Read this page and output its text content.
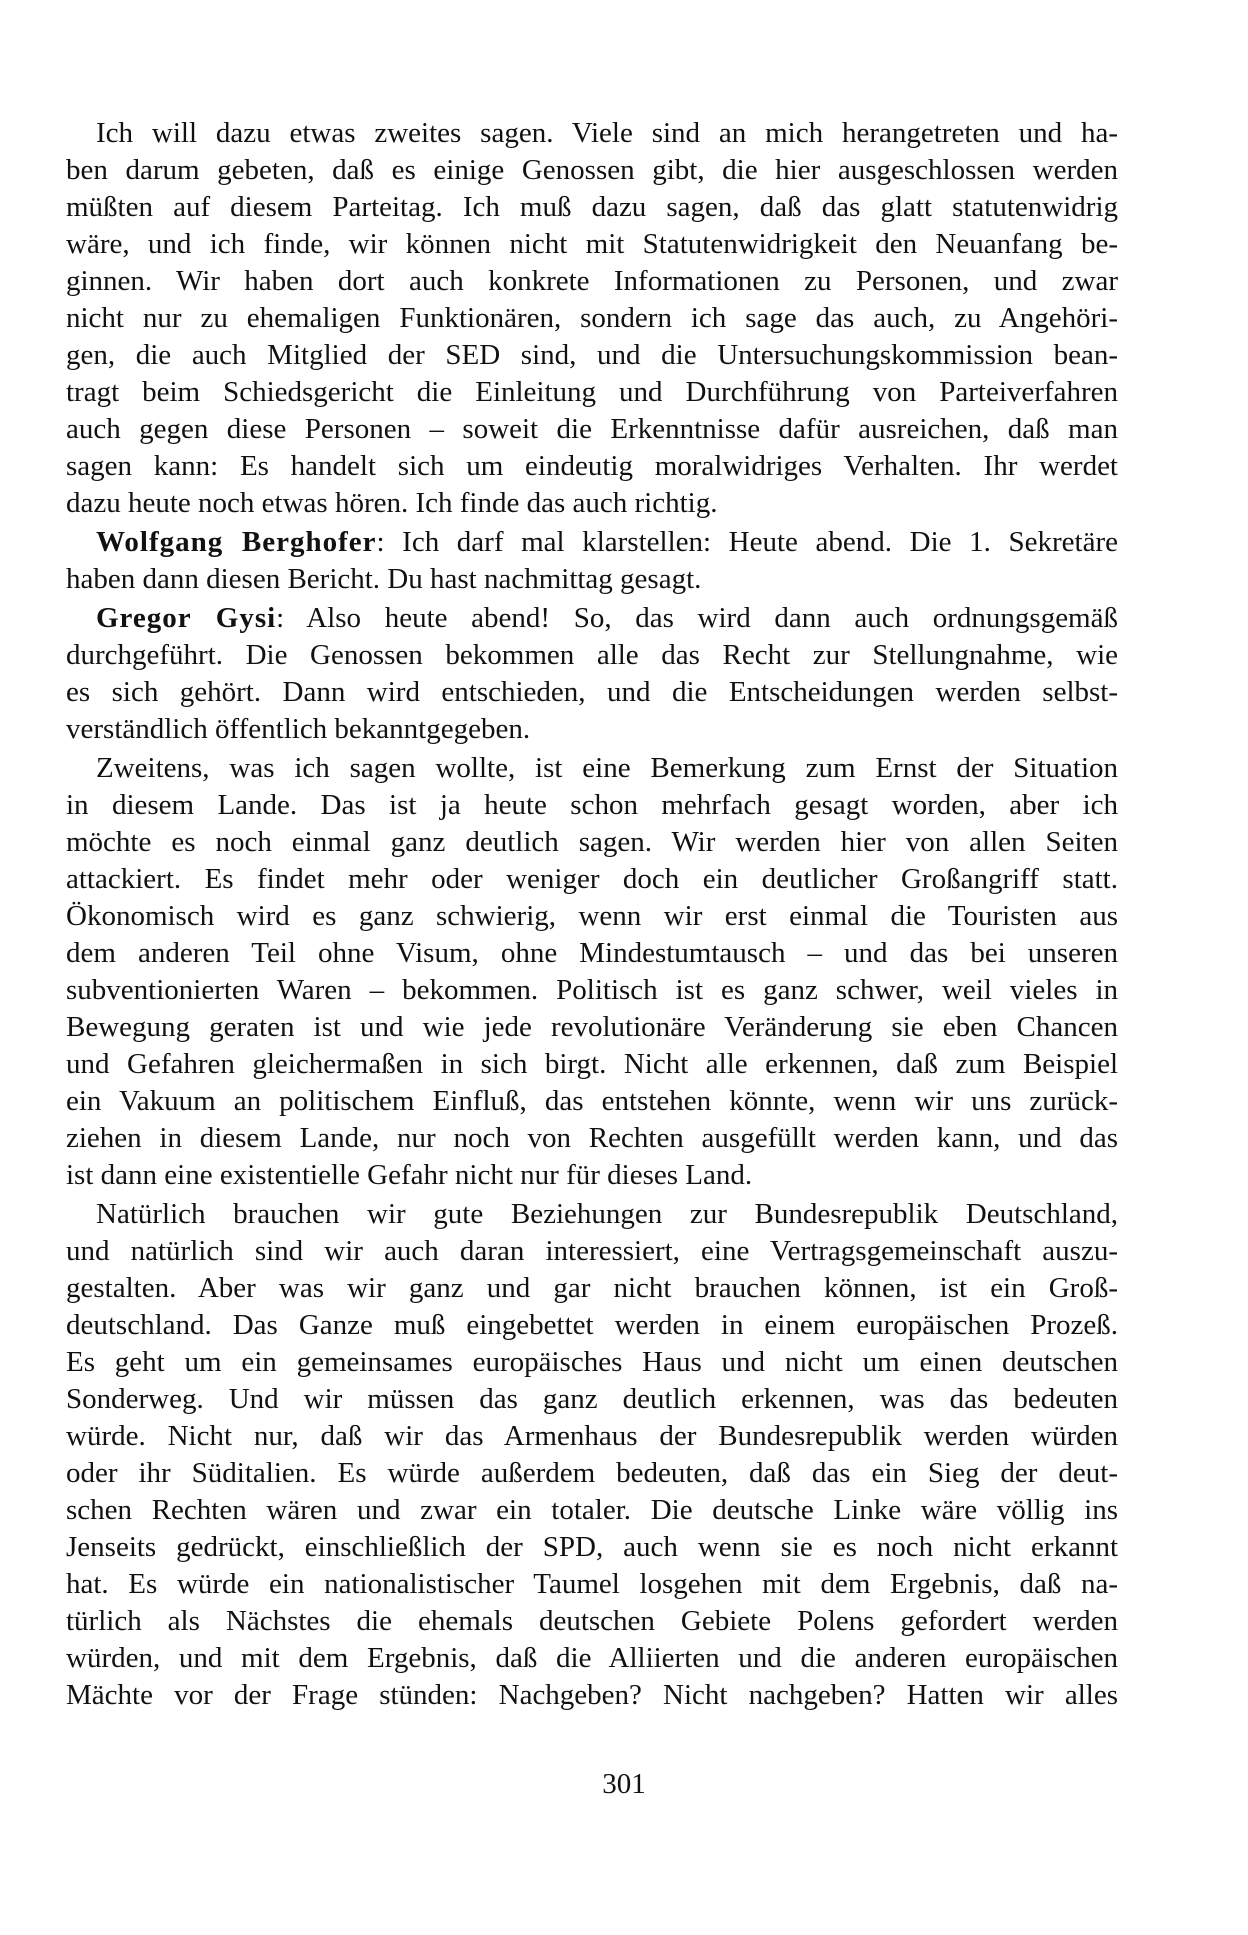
Ich will dazu etwas zweites sagen. Viele sind an mich herangetreten und ha-
ben darum gebeten, daß es einige Genossen gibt, die hier ausgeschlossen werden
müßten auf diesem Parteitag. Ich muß dazu sagen, daß das glatt statutenwidrig
wäre, und ich finde, wir können nicht mit Statutenwidrigkeit den Neuanfang be-
ginnen. Wir haben dort auch konkrete Informationen zu Personen, und zwar
nicht nur zu ehemaligen Funktionären, sondern ich sage das auch, zu Angehöri-
gen, die auch Mitglied der SED sind, und die Untersuchungskommission bean-
tragt beim Schiedsgericht die Einleitung und Durchführung von Parteiverfahren
auch gegen diese Personen – soweit die Erkenntnisse dafür ausreichen, daß man
sagen kann: Es handelt sich um eindeutig moralwidriges Verhalten. Ihr werdet
dazu heute noch etwas hören. Ich finde das auch richtig.

Wolfgang Berghofer: Ich darf mal klarstellen: Heute abend. Die 1. Sekretäre
haben dann diesen Bericht. Du hast nachmittag gesagt.

Gregor Gysi: Also heute abend! So, das wird dann auch ordnungsgemäß
durchgeführt. Die Genossen bekommen alle das Recht zur Stellungnahme, wie
es sich gehört. Dann wird entschieden, und die Entscheidungen werden selbst-
verständlich öffentlich bekanntgegeben.

Zweitens, was ich sagen wollte, ist eine Bemerkung zum Ernst der Situation
in diesem Lande. Das ist ja heute schon mehrfach gesagt worden, aber ich
möchte es noch einmal ganz deutlich sagen. Wir werden hier von allen Seiten
attackiert. Es findet mehr oder weniger doch ein deutlicher Großangriff statt.
Ökonomisch wird es ganz schwierig, wenn wir erst einmal die Touristen aus
dem anderen Teil ohne Visum, ohne Mindestumtausch – und das bei unseren
subventionierten Waren – bekommen. Politisch ist es ganz schwer, weil vieles in
Bewegung geraten ist und wie jede revolutionäre Veränderung sie eben Chancen
und Gefahren gleichermaßen in sich birgt. Nicht alle erkennen, daß zum Beispiel
ein Vakuum an politischem Einfluß, das entstehen könnte, wenn wir uns zurück-
ziehen in diesem Lande, nur noch von Rechten ausgefüllt werden kann, und das
ist dann eine existentielle Gefahr nicht nur für dieses Land.

Natürlich brauchen wir gute Beziehungen zur Bundesrepublik Deutschland,
und natürlich sind wir auch daran interessiert, eine Vertragsgemeinschaft auszu-
gestalten. Aber was wir ganz und gar nicht brauchen können, ist ein Groß-
deutschland. Das Ganze muß eingebettet werden in einem europäischen Prozeß.
Es geht um ein gemeinsames europäisches Haus und nicht um einen deutschen
Sonderweg. Und wir müssen das ganz deutlich erkennen, was das bedeuten
würde. Nicht nur, daß wir das Armenhaus der Bundesrepublik werden würden
oder ihr Süditalien. Es würde außerdem bedeuten, daß das ein Sieg der deut-
schen Rechten wären und zwar ein totaler. Die deutsche Linke wäre völlig ins
Jenseits gedrückt, einschließlich der SPD, auch wenn sie es noch nicht erkannt
hat. Es würde ein nationalistischer Taumel losgehen mit dem Ergebnis, daß na-
türlich als Nächstes die ehemals deutschen Gebiete Polens gefordert werden
würden, und mit dem Ergebnis, daß die Alliierten und die anderen europäischen
Mächte vor der Frage stünden: Nachgeben? Nicht nachgeben? Hatten wir alles

301
